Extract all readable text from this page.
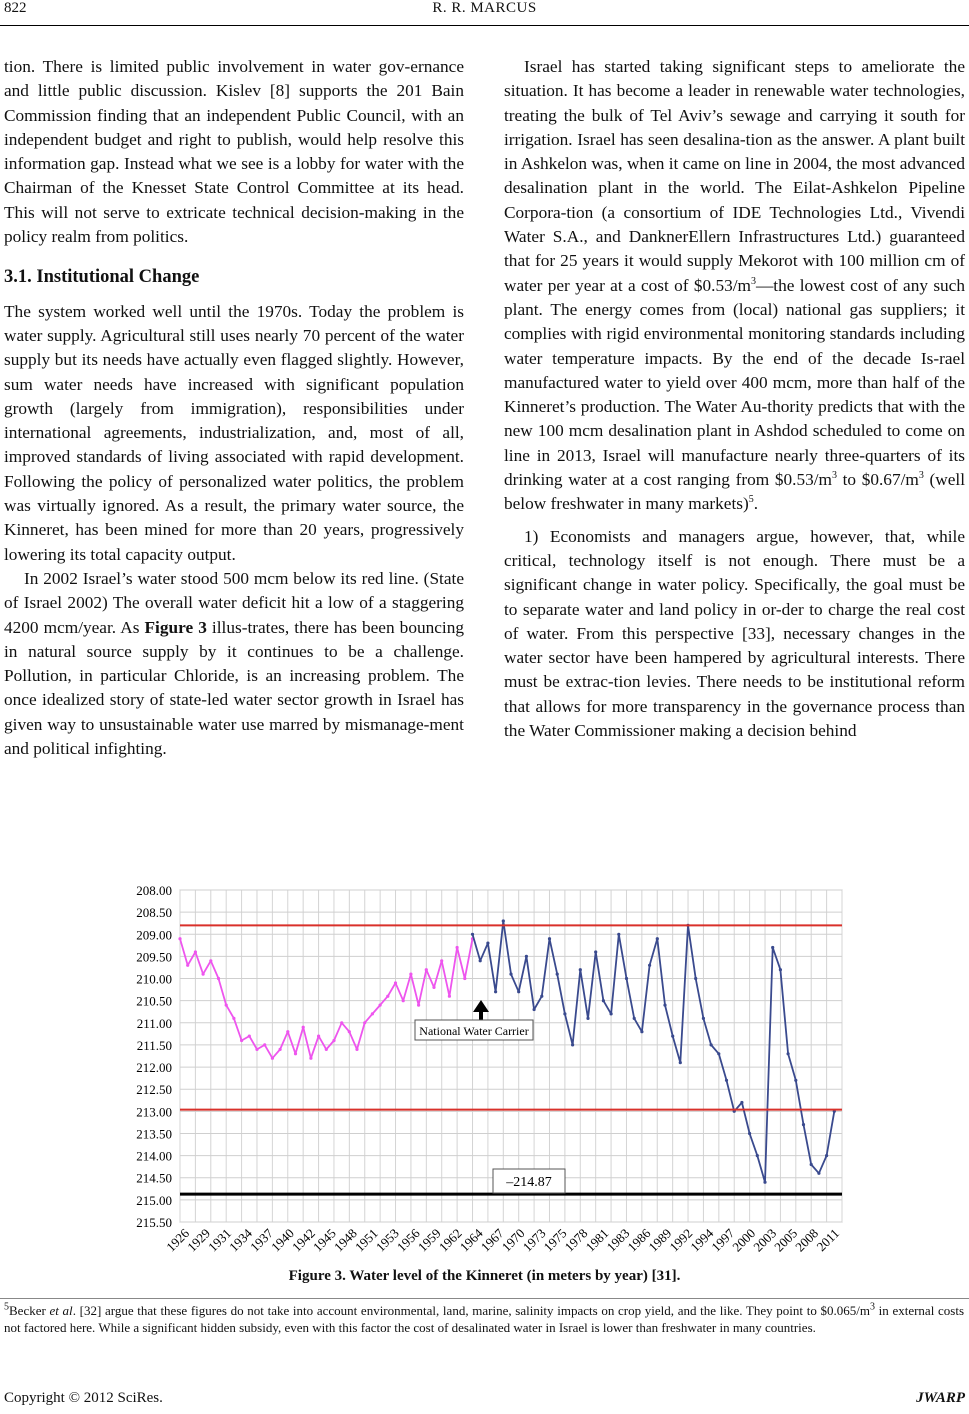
822	R. R. MARCUS

tion. There is limited public involvement in water gov-ernance and little public discussion. Kislev [8] supports the 201 Bain Commission finding that an independent Public Council, with an independent budget and right to publish, would help resolve this information gap. Instead what we see is a lobby for water with the Chairman of the Knesset State Control Committee at its head. This will not serve to extricate technical decision-making in the policy realm from politics.

3.1. Institutional Change

The system worked well until the 1970s. Today the problem is water supply. Agricultural still uses nearly 70 percent of the water supply but its needs have actually even flagged slightly. However, sum water needs have increased with significant population growth (largely from immigration), responsibilities under international agreements, industrialization, and, most of all, improved standards of living associated with rapid development. Following the policy of personalized water politics, the problem was virtually ignored. As a result, the primary water source, the Kinneret, has been mined for more than 20 years, progressively lowering its total capacity output.

In 2002 Israel’s water stood 500 mcm below its red line. (State of Israel 2002) The overall water deficit hit a low of a staggering 4200 mcm/year. As Figure 3 illus-trates, there has been bouncing in natural source supply by it continues to be a challenge. Pollution, in particular Chloride, is an increasing problem. The once idealized story of state-led water sector growth in Israel has given way to unsustainable water use marred by mismanage-ment and political infighting.

Israel has started taking significant steps to ameliorate the situation. It has become a leader in renewable water technologies, treating the bulk of Tel Aviv’s sewage and carrying it south for irrigation. Israel has seen desalina-tion as the answer. A plant built in Ashkelon was, when it came on line in 2004, the most advanced desalination plant in the world. The Eilat-Ashkelon Pipeline Corpora-tion (a consortium of IDE Technologies Ltd., Vivendi Water S.A., and DanknerEllern Infrastructures Ltd.) guaranteed that for 25 years it would supply Mekorot with 100 million cm of water per year at a cost of $\$0.53/m^3—the$ lowest cost of any such plant. The energy comes from (local) national gas suppliers; it complies with rigid environmental monitoring standards including water temperature impacts. By the end of the decade Is-rael manufactured water to yield over 400 mcm, more than half of the Kinneret’s production. The Water Au-thority predicts that with the new 100 mcm desalination plant in Ashdod scheduled to come on line in 2013, Israel will manufacture nearly three-quarters of its drinking water at a cost ranging from $\$0.53/m^3$ to $\$0.67/m^3$ (well below freshwater in many markets)$^5$.

1) Economists and managers argue, however, that, while critical, technology itself is not enough. There must be a significant change in water policy. Specifically, the goal must be to separate water and land policy in or-der to charge the real cost of water. From this perspective [33], necessary changes in the water sector have been hampered by agricultural interests. There must be extrac-tion levies. There needs to be institutional reform that allows for more transparency in the governance process than the Water Commissioner making a decision behind

208.00
208.50
209.00
209.50
210.00
210.50
211.00
211.50
212.00
212.50
213.00
213.50
214.00
214.50
215.00
215.50
1926
1929
1931
1934
1937
1940
1942
1945
1948
1951
1953
1956
1959
1962
1964
1967
1970
1973
1975
1978
1981
1983
1986
1989
1992
1994
1997
2000
2003
2005
2008
2011
National Water Carrier
–214.87
Figure 3. Water level of the Kinneret (in meters by year) [31].
$^5$Becker et al. [32] argue that these figures do not take into account environmental, land, marine, salinity impacts on crop yield, and the like. They point to $\$0.065/m^3$ in external costs not factored here. While a significant hidden subsidy, even with this factor the cost of desalinated water in Israel is lower than freshwater in many countries.
Copyright © 2012 SciRes.	JWARP
